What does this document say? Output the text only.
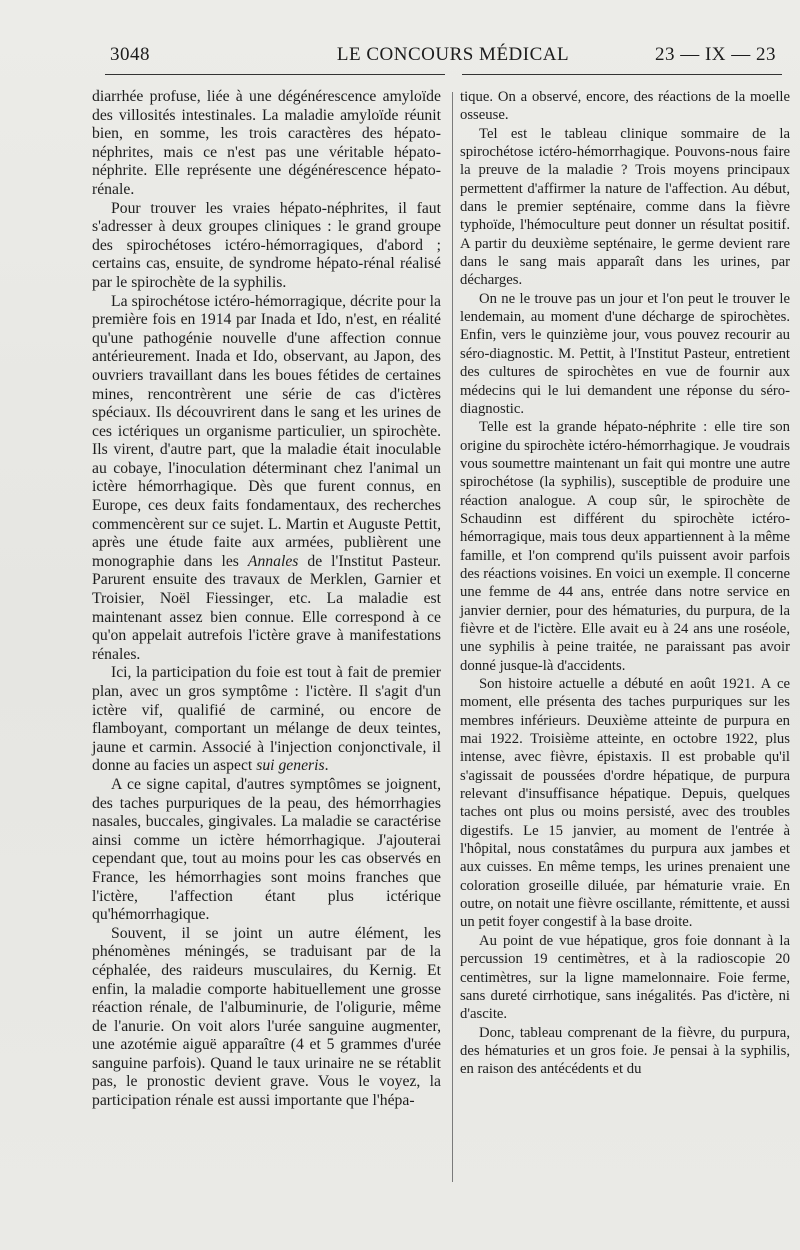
3048	LE CONCOURS MÉDICAL	23 — IX — 23

diarrhée profuse, liée à une dégénérescence amyloïde des villosités intestinales. La maladie amyloïde réunit bien, en somme, les trois caractères des hépato-néphrites, mais ce n'est pas une véritable hépato-néphrite. Elle représente une dégénérescence hépato-rénale.

Pour trouver les vraies hépato-néphrites, il faut s'adresser à deux groupes cliniques : le grand groupe des spirochétoses ictéro-hémorragiques, d'abord ; certains cas, ensuite, de syndrome hépato-rénal réalisé par le spirochète de la syphilis.

La spirochétose ictéro-hémorragique, décrite pour la première fois en 1914 par Inada et Ido, n'est, en réalité qu'une pathogénie nouvelle d'une affection connue antérieurement. Inada et Ido, observant, au Japon, des ouvriers travaillant dans les boues fétides de certaines mines, rencontrèrent une série de cas d'ictères spéciaux. Ils découvrirent dans le sang et les urines de ces ictériques un organisme particulier, un spirochète. Ils virent, d'autre part, que la maladie était inoculable au cobaye, l'inoculation déterminant chez l'animal un ictère hémorrhagique. Dès que furent connus, en Europe, ces deux faits fondamentaux, des recherches commencèrent sur ce sujet. L. Martin et Auguste Pettit, après une étude faite aux armées, publièrent une monographie dans les Annales de l'Institut Pasteur. Parurent ensuite des travaux de Merklen, Garnier et Troisier, Noël Fiessinger, etc. La maladie est maintenant assez bien connue. Elle correspond à ce qu'on appelait autrefois l'ictère grave à manifestations rénales.

Ici, la participation du foie est tout à fait de premier plan, avec un gros symptôme : l'ictère. Il s'agit d'un ictère vif, qualifié de carminé, ou encore de flamboyant, comportant un mélange de deux teintes, jaune et carmin. Associé à l'injection conjonctivale, il donne au facies un aspect sui generis.

A ce signe capital, d'autres symptômes se joignent, des taches purpuriques de la peau, des hémorrhagies nasales, buccales, gingivales. La maladie se caractérise ainsi comme un ictère hémorrhagique. J'ajouterai cependant que, tout au moins pour les cas observés en France, les hémorrhagies sont moins franches que l'ictère, l'affection étant plus ictérique qu'hémorrhagique.

Souvent, il se joint un autre élément, les phénomènes méningés, se traduisant par de la céphalée, des raideurs musculaires, du Kernig. Et enfin, la maladie comporte habituellement une grosse réaction rénale, de l'albuminurie, de l'oligurie, même de l'anurie. On voit alors l'urée sanguine augmenter, une azotémie aiguë apparaître (4 et 5 grammes d'urée sanguine parfois). Quand le taux urinaire ne se rétablit pas, le pronostic devient grave. Vous le voyez, la participation rénale est aussi importante que l'hépa-

tique. On a observé, encore, des réactions de la moelle osseuse.

Tel est le tableau clinique sommaire de la spirochétose ictéro-hémorrhagique. Pouvons-nous faire la preuve de la maladie ? Trois moyens principaux permettent d'affirmer la nature de l'affection. Au début, dans le premier septénaire, comme dans la fièvre typhoïde, l'hémoculture peut donner un résultat positif. A partir du deuxième septénaire, le germe devient rare dans le sang mais apparaît dans les urines, par décharges.

On ne le trouve pas un jour et l'on peut le trouver le lendemain, au moment d'une décharge de spirochètes. Enfin, vers le quinzième jour, vous pouvez recourir au séro-diagnostic. M. Pettit, à l'Institut Pasteur, entretient des cultures de spirochètes en vue de fournir aux médecins qui le lui demandent une réponse du séro-diagnostic.

Telle est la grande hépato-néphrite : elle tire son origine du spirochète ictéro-hémorrhagique. Je voudrais vous soumettre maintenant un fait qui montre une autre spirochétose (la syphilis), susceptible de produire une réaction analogue. A coup sûr, le spirochète de Schaudinn est différent du spirochète ictéro-hémorragique, mais tous deux appartiennent à la même famille, et l'on comprend qu'ils puissent avoir parfois des réactions voisines. En voici un exemple. Il concerne une femme de 44 ans, entrée dans notre service en janvier dernier, pour des hématuries, du purpura, de la fièvre et de l'ictère. Elle avait eu à 24 ans une roséole, une syphilis à peine traitée, ne paraissant pas avoir donné jusque-là d'accidents.

Son histoire actuelle a débuté en août 1921. A ce moment, elle présenta des taches purpuriques sur les membres inférieurs. Deuxième atteinte de purpura en mai 1922. Troisième atteinte, en octobre 1922, plus intense, avec fièvre, épistaxis. Il est probable qu'il s'agissait de poussées d'ordre hépatique, de purpura relevant d'insuffisance hépatique. Depuis, quelques taches ont plus ou moins persisté, avec des troubles digestifs. Le 15 janvier, au moment de l'entrée à l'hôpital, nous constatâmes du purpura aux jambes et aux cuisses. En même temps, les urines prenaient une coloration groseille diluée, par hématurie vraie. En outre, on notait une fièvre oscillante, rémittente, et aussi un petit foyer congestif à la base droite.

Au point de vue hépatique, gros foie donnant à la percussion 19 centimètres, et à la radioscopie 20 centimètres, sur la ligne mamelonnaire. Foie ferme, sans dureté cirrhotique, sans inégalités. Pas d'ictère, ni d'ascite.

Donc, tableau comprenant de la fièvre, du purpura, des hématuries et un gros foie. Je pensai à la syphilis, en raison des antécédents et du
